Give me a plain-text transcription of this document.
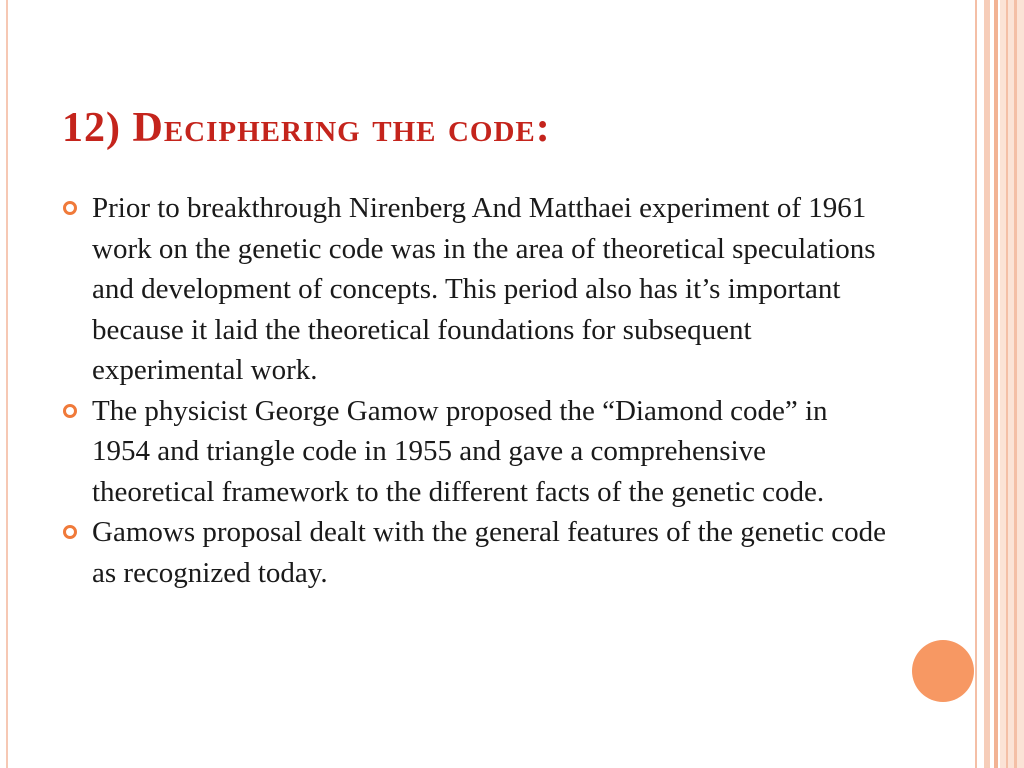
12) Deciphering the code:
Prior to breakthrough Nirenberg And Matthaei experiment of 1961 work on the genetic code was in the area of theoretical speculations and development of concepts. This period also has it’s important because it laid the theoretical foundations for subsequent experimental work.
The physicist George Gamow proposed the “Diamond code” in 1954 and triangle code in 1955 and gave a comprehensive theoretical framework to the different facts of the genetic code.
Gamows proposal dealt with the general features of the genetic code as recognized today.
